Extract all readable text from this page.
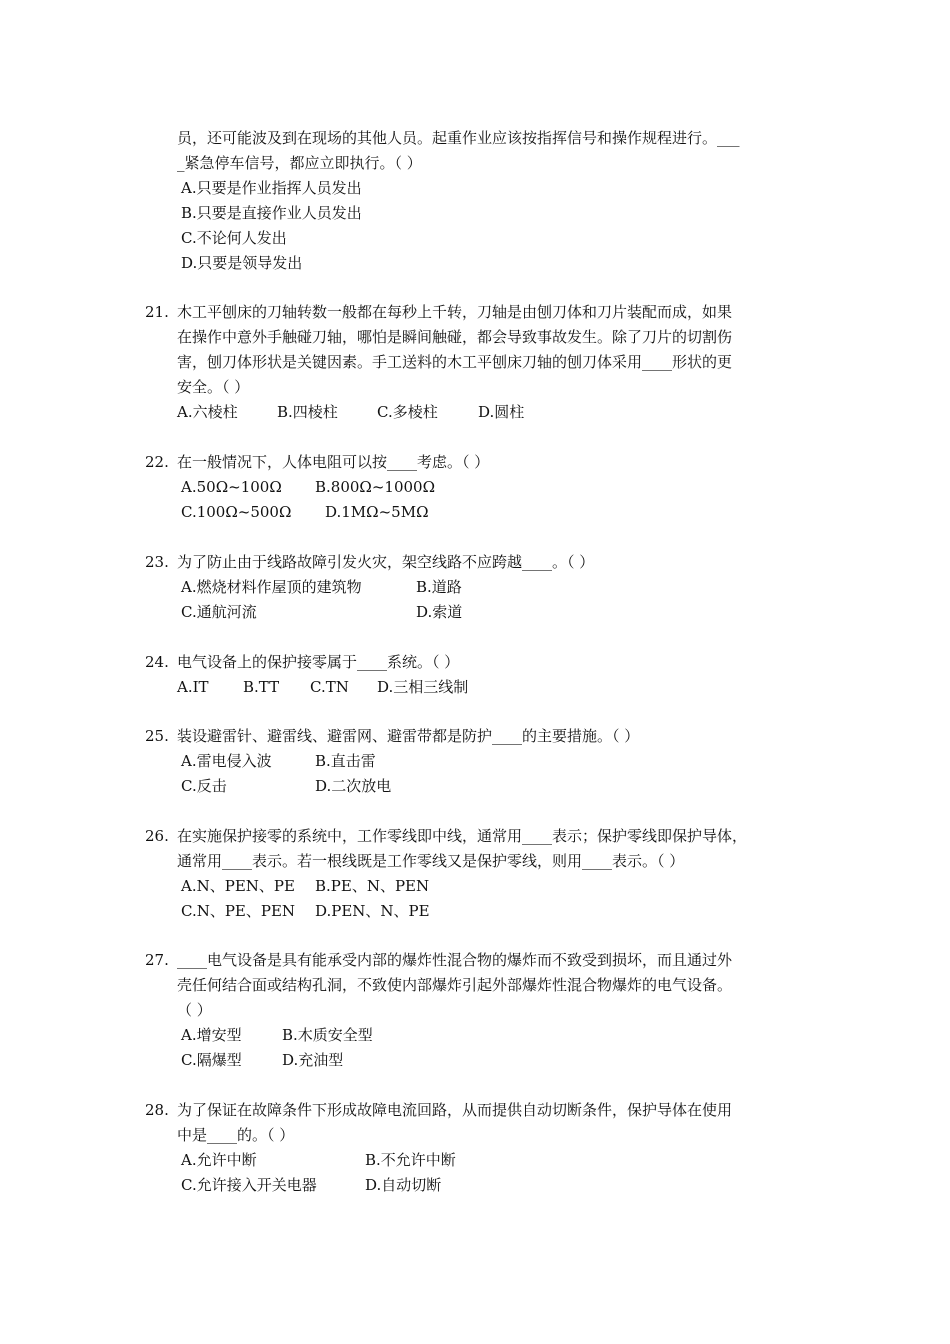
员，还可能波及到在现场的其他人员。起重作业应该按指挥信号和操作规程进行。___
_紧急停车信号，都应立即执行。（ ）
A.只要是作业指挥人员发出
B.只要是直接作业人员发出
C.不论何人发出
D.只要是领导发出
21. 木工平刨床的刀轴转数一般都在每秒上千转，刀轴是由刨刀体和刀片装配而成，如果
在操作中意外手触碰刀轴，哪怕是瞬间触碰，都会导致事故发生。除了刀片的切割伤
害，刨刀体形状是关键因素。手工送料的木工平刨床刀轴的刨刀体采用____形状的更
安全。（ ）
A.六棱柱	B.四棱柱	C.多棱柱	D.圆柱
22. 在一般情况下，人体电阻可以按____考虑。（ ）
A.50Ω~100Ω B.800Ω~1000Ω
C.100Ω~500Ω D.1MΩ~5MΩ
23. 为了防止由于线路故障引发火灾，架空线路不应跨越____。（ ）
A.燃烧材料作屋顶的建筑物	B.道路
C.通航河流	D.索道
24. 电气设备上的保护接零属于____系统。（ ）
A.IT B.TT C.TN D.三相三线制
25. 装设避雷针、避雷线、避雷网、避雷带都是防护____的主要措施。（ ）
A.雷电侵入波	B.直击雷
C.反击	D.二次放电
26. 在实施保护接零的系统中，工作零线即中线，通常用____表示；保护零线即保护导体，
通常用____表示。若一根线既是工作零线又是保护零线，则用____表示。（ ）
A.N、PEN、PE B.PE、N、PEN
C.N、PE、PEN D.PEN、N、PE
27. ____电气设备是具有能承受内部的爆炸性混合物的爆炸而不致受到损坏，而且通过外
壳任何结合面或结构孔洞，不致使内部爆炸引起外部爆炸性混合物爆炸的电气设备。
（ ）
A.增安型	B.木质安全型
C.隔爆型	D.充油型
28. 为了保证在故障条件下形成故障电流回路，从而提供自动切断条件，保护导体在使用
中是____的。（ ）
A.允许中断	B.不允许中断
C.允许接入开关电器	D.自动切断
